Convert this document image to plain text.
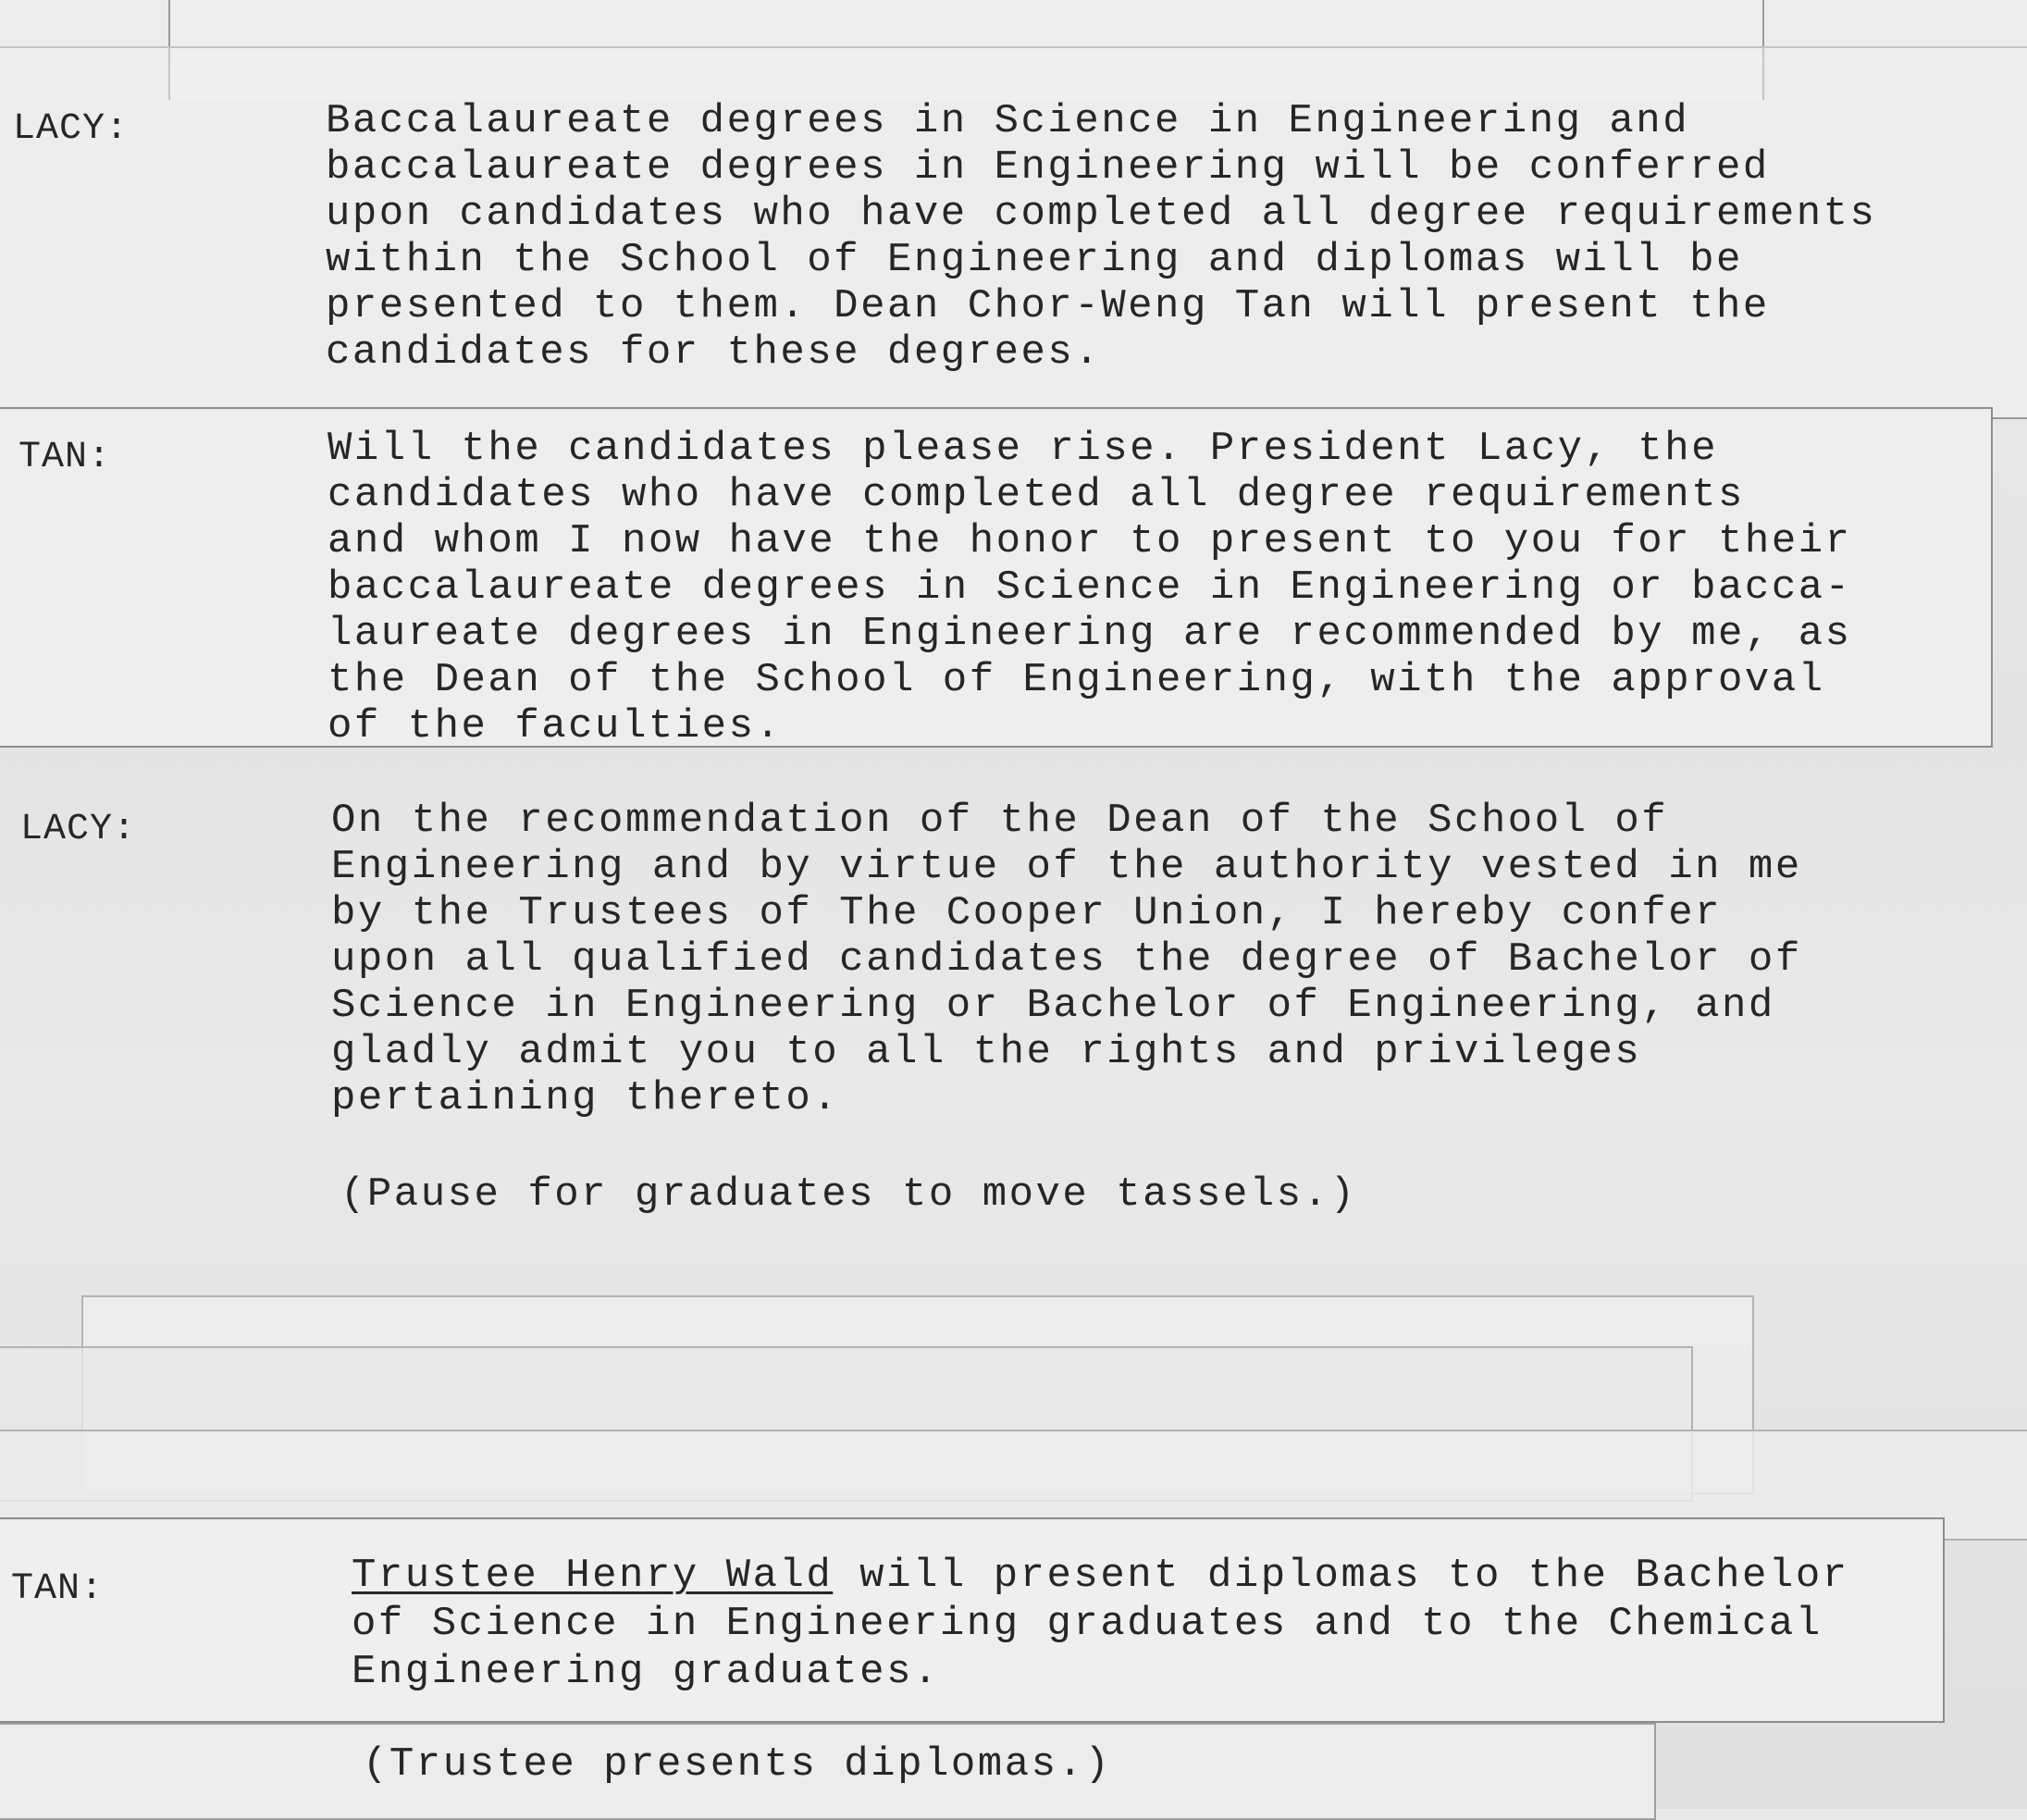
LACY:	Baccalaureate degrees in Science in Engineering and
baccalaureate degrees in Engineering will be conferred
upon candidates who have completed all degree requirements
within the School of Engineering and diplomas will be
presented to them. Dean Chor-Weng Tan will present the
candidates for these degrees.
TAN:	Will the candidates please rise. President Lacy, the
candidates who have completed all degree requirements
and whom I now have the honor to present to you for their
baccalaureate degrees in Science in Engineering or bacca-
laureate degrees in Engineering are recommended by me, as
the Dean of the School of Engineering, with the approval
of the faculties.
LACY:	On the recommendation of the Dean of the School of
Engineering and by virtue of the authority vested in me
by the Trustees of The Cooper Union, I hereby confer
upon all qualified candidates the degree of Bachelor of
Science in Engineering or Bachelor of Engineering, and
gladly admit you to all the rights and privileges
pertaining thereto.
(Pause for graduates to move tassels.)
TAN:	Trustee Henry Wald will present diplomas to the Bachelor
of Science in Engineering graduates and to the Chemical
Engineering graduates.
(Trustee presents diplomas.)
